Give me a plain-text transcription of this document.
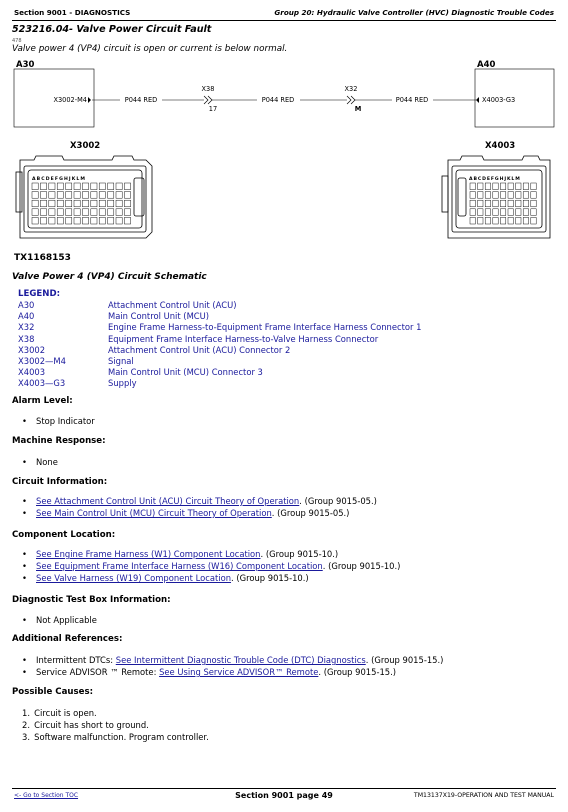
Section 9001 - DIAGNOSTICS	Group 20: Hydraulic Valve Controller (HVC) Diagnostic Trouble Codes
523216.04- Valve Power Circuit Fault
478
Valve power 4 (VP4) circuit is open or current is below normal.
A30	A40
X3002-M4	X4003-G3
P044 RED	P044 RED	P044 RED
X38
17
X32
M
X3002	X4003
ABCDEFGHJKLM	ABCDEFGHJKLM
TX1168153
Valve Power 4 (VP4) Circuit Schematic
LEGEND:
A30	Attachment Control Unit (ACU)
A40	Main Control Unit (MCU)
X32	Engine Frame Harness-to-Equipment Frame Interface Harness Connector 1
X38	Equipment Frame Interface Harness-to-Valve Harness Connector
X3002	Attachment Control Unit (ACU) Connector 2
X3002—M4	Signal
X4003	Main Control Unit (MCU) Connector 3
X4003—G3	Supply
Alarm Level:
• Stop Indicator
Machine Response:
• None
Circuit Information:
• See Attachment Control Unit (ACU) Circuit Theory of Operation. (Group 9015-05.)
• See Main Control Unit (MCU) Circuit Theory of Operation. (Group 9015-05.)
Component Location:
• See Engine Frame Harness (W1) Component Location. (Group 9015-10.)
• See Equipment Frame Interface Harness (W16) Component Location. (Group 9015-10.)
• See Valve Harness (W19) Component Location. (Group 9015-10.)
Diagnostic Test Box Information:
• Not Applicable
Additional References:
• Intermittent DTCs: See Intermittent Diagnostic Trouble Code (DTC) Diagnostics. (Group 9015-15.)
• Service ADVISOR ™ Remote: See Using Service ADVISOR™ Remote. (Group 9015-15.)
Possible Causes:
1. Circuit is open.
2. Circuit has short to ground.
3. Software malfunction. Program controller.
<- Go to Section TOC	Section 9001 page 49	TM13137X19-OPERATION AND TEST MANUAL
